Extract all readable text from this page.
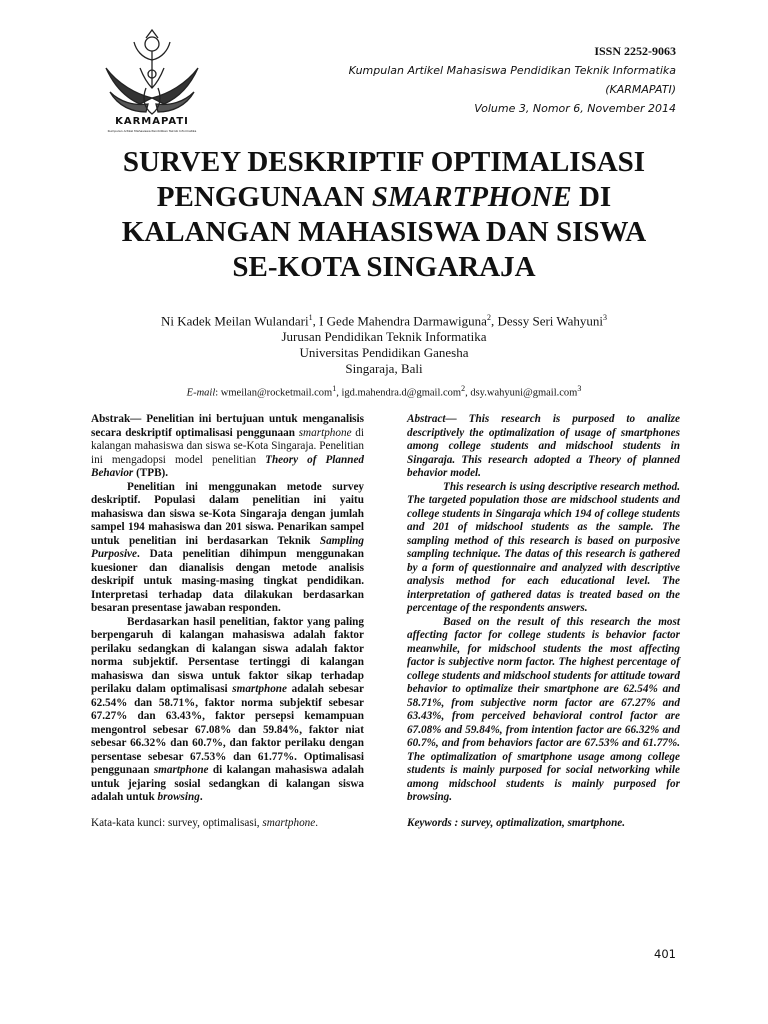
KARMAPATI
Kumpulan Artikel Mahasiswa Pendidikan Teknik Informatika
ISSN 2252-9063
Kumpulan Artikel Mahasiswa Pendidikan Teknik Informatika
(KARMAPATI)
Volume 3, Nomor 6, November 2014
SURVEY DESKRIPTIF OPTIMALISASI
PENGGUNAAN SMARTPHONE DI
KALANGAN MAHASISWA DAN SISWA
SE-KOTA SINGARAJA
Ni Kadek Meilan Wulandari$^1$, I Gede Mahendra Darmawiguna$^2$, Dessy Seri Wahyuni$^3$
Jurusan Pendidikan Teknik Informatika
Universitas Pendidikan Ganesha
Singaraja, Bali
E-mail: wmeilan@rocketmail.com$^1$, igd.mahendra.d@gmail.com$^2$, dsy.wahyuni@gmail.com$^3$

Abstrak— Penelitian ini bertujuan untuk menganalisis secara deskriptif optimalisasi penggunaan smartphone di kalangan mahasiswa dan siswa se-Kota Singaraja. Penelitian ini mengadopsi model penelitian Theory of Planned Behavior (TPB).

Penelitian ini menggunakan metode survey deskriptif. Populasi dalam penelitian ini yaitu mahasiswa dan siswa se-Kota Singaraja dengan jumlah sampel 194 mahasiswa dan 201 siswa. Penarikan sampel untuk penelitian ini berdasarkan Teknik Sampling Purposive. Data penelitian dihimpun menggunakan kuesioner dan dianalisis dengan metode analisis deskripif untuk masing-masing tingkat pendidikan. Interpretasi terhadap data dilakukan berdasarkan besaran presentase jawaban responden.

Berdasarkan hasil penelitian, faktor yang paling berpengaruh di kalangan mahasiswa adalah faktor perilaku sedangkan di kalangan siswa adalah faktor norma subjektif. Persentase tertinggi di kalangan mahasiswa dan siswa untuk faktor sikap terhadap perilaku dalam optimalisasi smartphone adalah sebesar 62.54% dan 58.71%, faktor norma subjektif sebesar 67.27% dan 63.43%, faktor persepsi kemampuan mengontrol sebesar 67.08% dan 59.84%, faktor niat sebesar 66.32% dan 60.7%, dan faktor perilaku dengan persentase sebesar 67.53% dan 61.77%. Optimalisasi penggunaan smartphone di kalangan mahasiswa adalah untuk jejaring sosial sedangkan di kalangan siswa adalah untuk browsing.

Kata-kata kunci: survey, optimalisasi, smartphone.

Abstract— This research is purposed to analize descriptively the optimalization of usage of smartphones among college students and midschool students in Singaraja. This research adopted a Theory of planned behavior model.

This research is using descriptive research method. The targeted population those are midschool students and college students in Singaraja which 194 of college students and 201 of midschool students as the sample. The sampling method of this research is based on purposive sampling technique. The datas of this research is gathered by a form of questionnaire and analyzed with descriptive analysis method for each educational level. The interpretation of gathered datas is treated based on the percentage of the respondents answers.

Based on the result of this research the most affecting factor for college students is behavior factor meanwhile, for midschool students the most affecting factor is subjective norm factor. The highest percentage of college students and midschool students for attitude toward behavior to optimalize their smartphone are 62.54% and 58.71%, from subjective norm factor are 67.27% and 63.43%, from perceived behavioral control factor are 67.08% and 59.84%, from intention factor are 66.32% and 60.7%, and from behaviors factor are 67.53% and 61.77%. The optimalization of smartphone usage among college students is mainly purposed for social networking while among midschool students is mainly purposed for browsing.

Keywords : survey, optimalization, smartphone.

401
